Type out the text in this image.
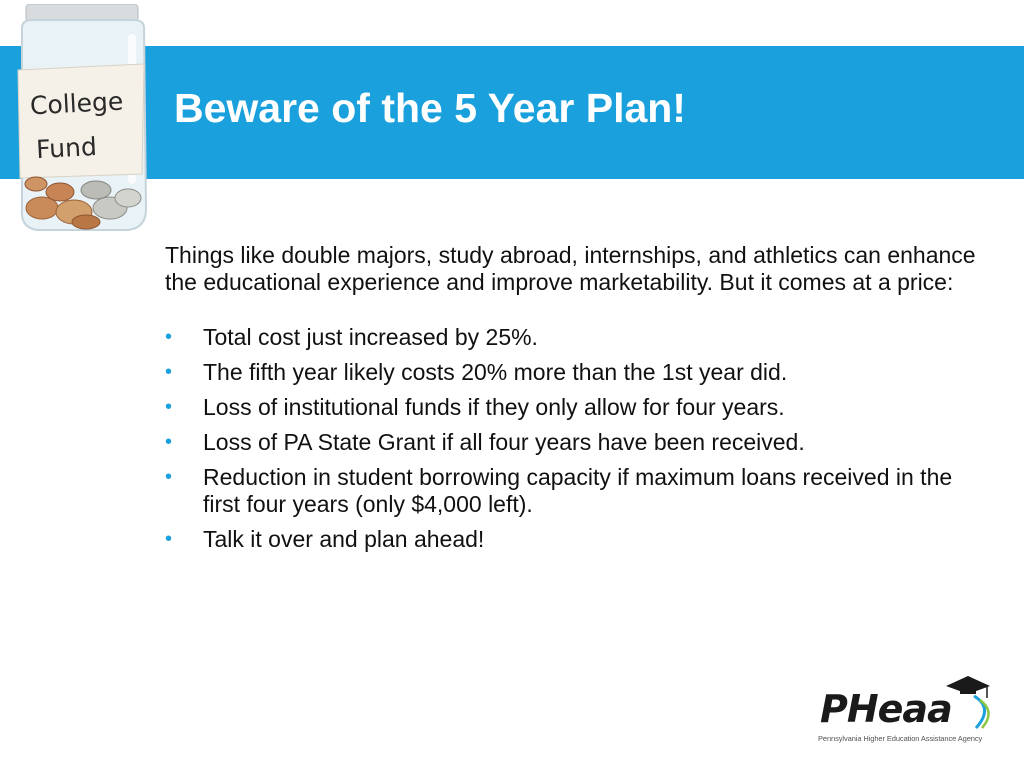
College
Fund
Beware of the 5 Year Plan!

Things like double majors, study abroad, internships, and athletics can enhance the educational experience and improve marketability. But it comes at a price:

•	Total cost just increased by 25%.
•	The fifth year likely costs 20% more than the 1st year did.
•	Loss of institutional funds if they only allow for four years.
•	Loss of PA State Grant if all four years have been received.
•	Reduction in student borrowing capacity if maximum loans received in the first four years (only $4,000 left).
•	Talk it over and plan ahead!
PHeaa
Pennsylvania Higher Education Assistance Agency
